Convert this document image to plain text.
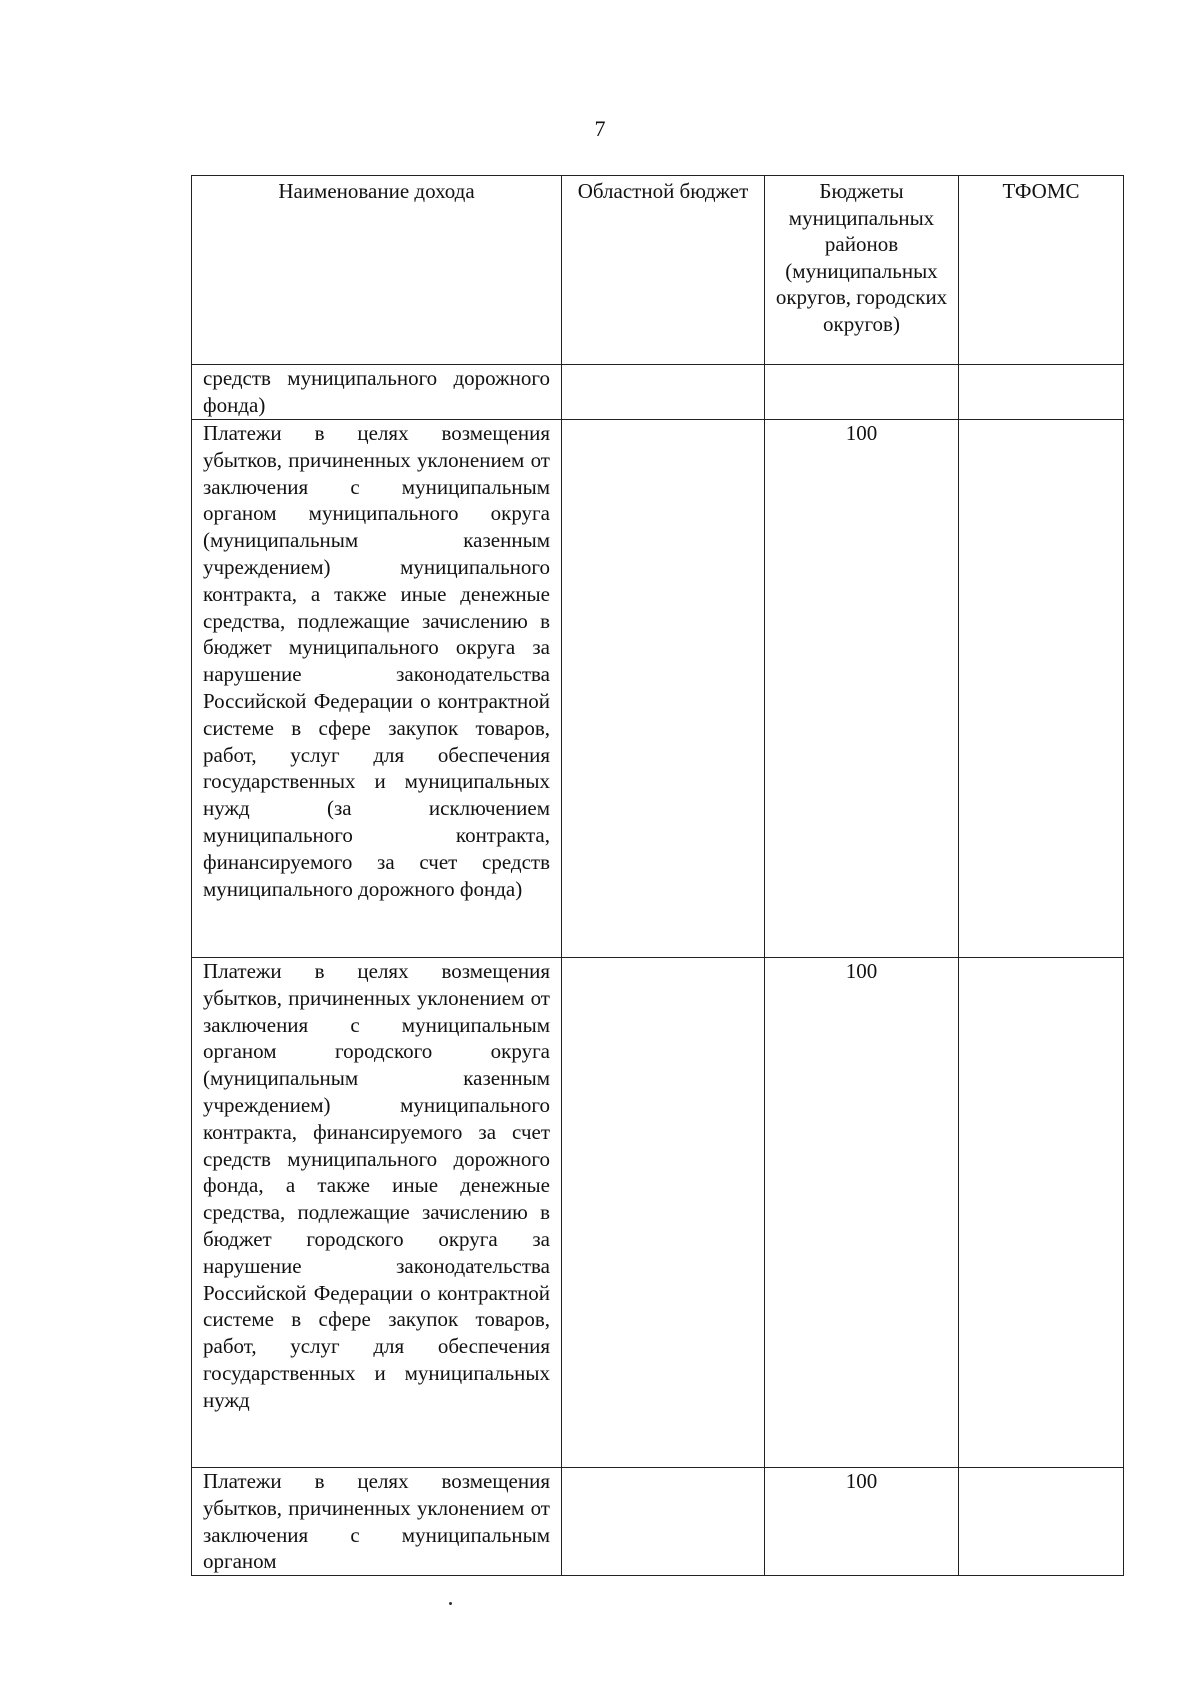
7
Наименование дохода	Областной бюджет	Бюджеты муниципальных районов (муниципальных округов, городских округов)	ТФОМС

средств муниципального дорожного фонда)			

Платежи в целях возмещения убытков, причиненных уклонением от заключения с муниципальным органом муниципального округа (муниципальным казенным учреждением) муниципального контракта, а также иные денежные средства, подлежащие зачислению в бюджет муниципального округа за нарушение законодательства Российской Федерации о контрактной системе в сфере закупок товаров, работ, услуг для обеспечения государственных и муниципальных нужд (за исключением муниципального контракта, финансируемого за счет средств муниципального дорожного фонда)		100	

Платежи в целях возмещения убытков, причиненных уклонением от заключения с муниципальным органом городского округа (муниципальным казенным учреждением) муниципального контракта, финансируемого за счет средств муниципального дорожного фонда, а также иные денежные средства, подлежащие зачислению в бюджет городского округа за нарушение законодательства Российской Федерации о контрактной системе в сфере закупок товаров, работ, услуг для обеспечения государственных и муниципальных нужд		100	

Платежи в целях возмещения убытков, причиненных уклонением от заключения с муниципальным органом		100	
